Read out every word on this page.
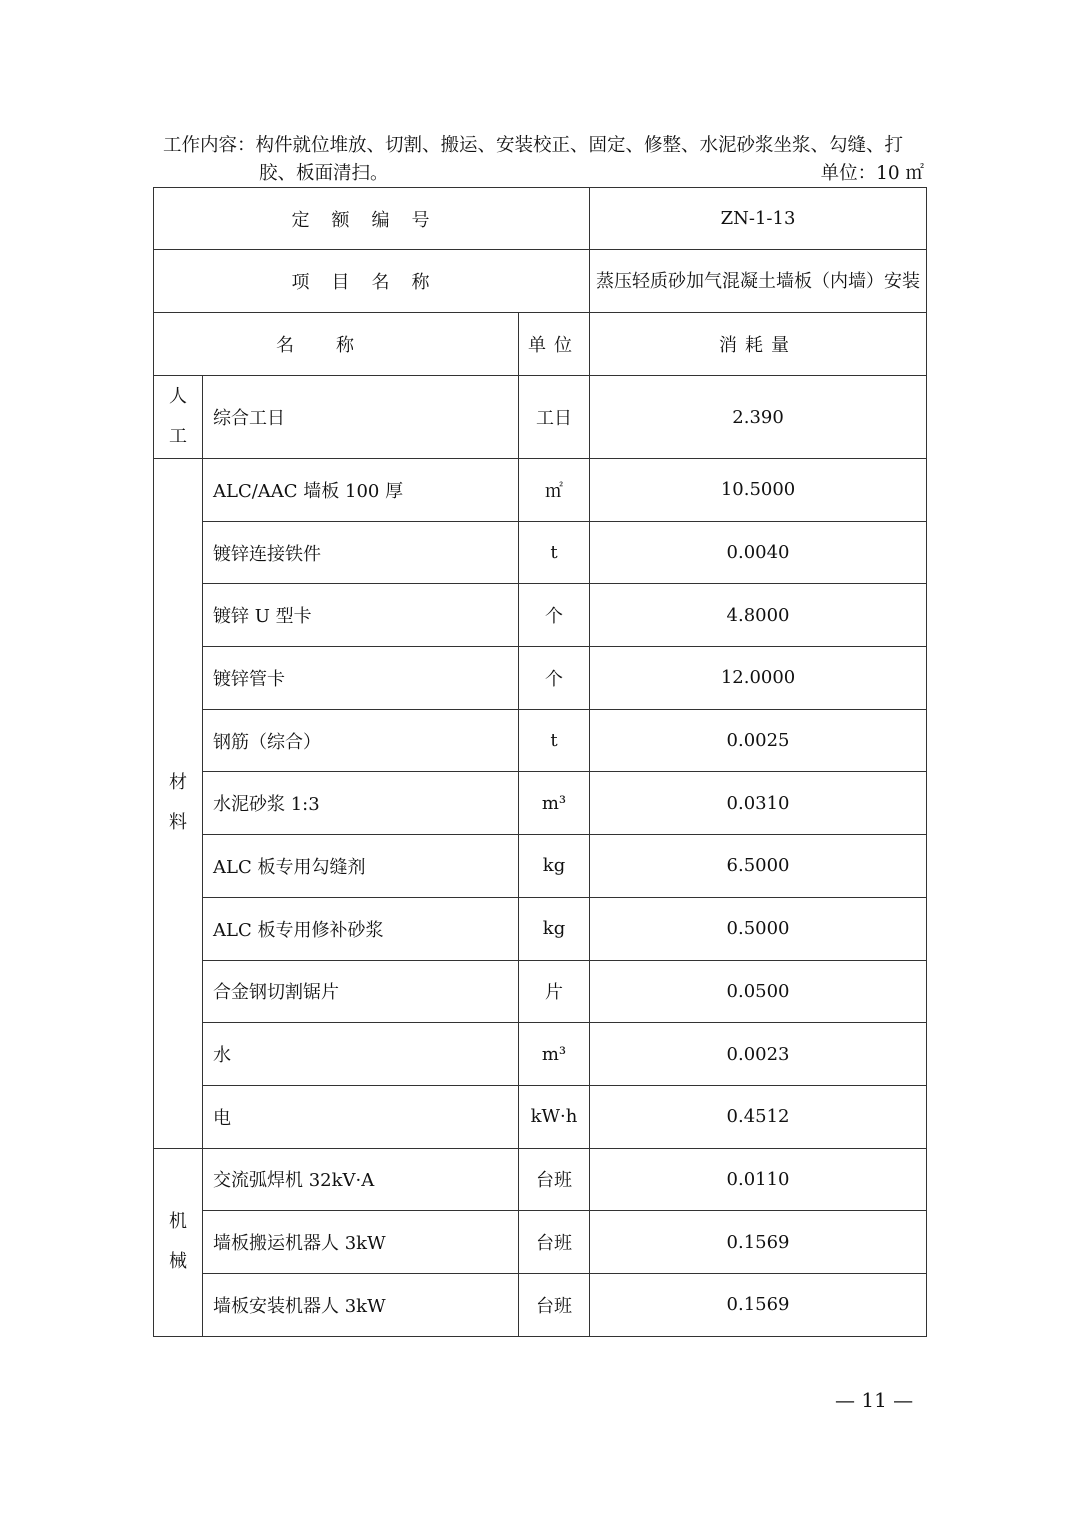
工作内容：构件就位堆放、切割、搬运、安装校正、固定、修整、水泥砂浆坐浆、勾缝、打
胶、板面清扫。	单位：10 ㎡
定额编号			ZN-1-13
项目名称			蒸压轻质砂加气混凝土墙板（内墙）安装
名称		单位	消耗量

人
工	综合工日	工日	2.390

材
料	ALC/AAC 墙板 100 厚	㎡	10.5000
	镀锌连接铁件	t	0.0040
	镀锌 U 型卡	个	4.8000
	镀锌管卡	个	12.0000
	钢筋（综合）	t	0.0025
	水泥砂浆 1:3	m³	0.0310
	ALC 板专用勾缝剂	kg	6.5000
	ALC 板专用修补砂浆	kg	0.5000
	合金钢切割锯片	片	0.0500
	水	m³	0.0023
	电	kW·h	0.4512

机
械	交流弧焊机 32kV·A	台班	0.0110
	墙板搬运机器人 3kW	台班	0.1569
	墙板安装机器人 3kW	台班	0.1569
— 11 —
